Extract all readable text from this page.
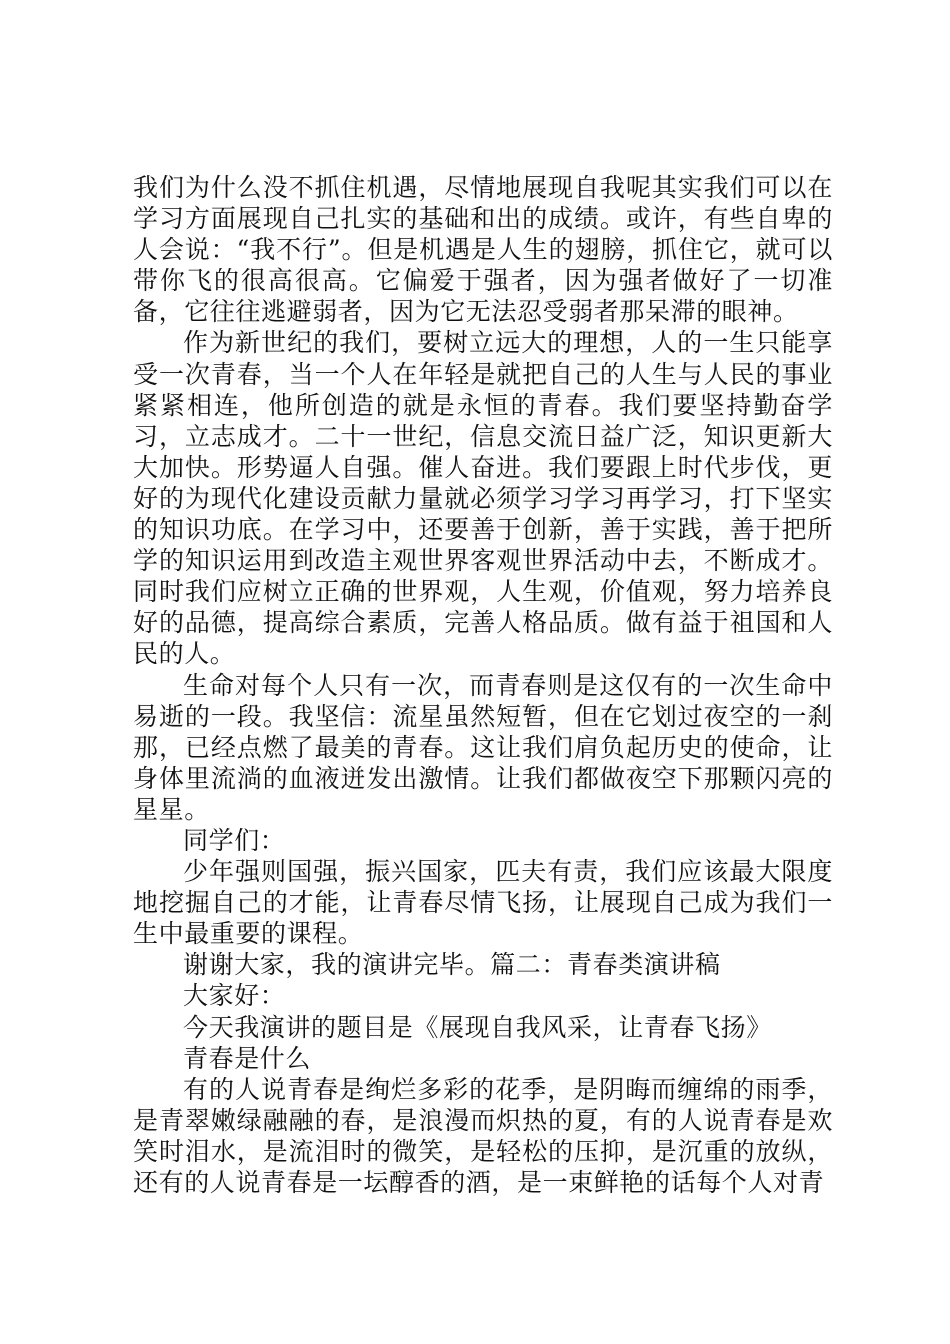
我们为什么没不抓住机遇，尽情地展现自我呢其实我们可以在学习方面展现自己扎实的基础和出的成绩。或许，有些自卑的人会说：“我不行”。但是机遇是人生的翅膀，抓住它，就可以带你飞的很高很高。它偏爱于强者，因为强者做好了一切准备，它往往逃避弱者，因为它无法忍受弱者那呆滞的眼神。

作为新世纪的我们，要树立远大的理想，人的一生只能享受一次青春，当一个人在年轻是就把自己的人生与人民的事业紧紧相连，他所创造的就是永恒的青春。我们要坚持勤奋学习，立志成才。二十一世纪，信息交流日益广泛，知识更新大大加快。形势逼人自强。催人奋进。我们要跟上时代步伐，更好的为现代化建设贡献力量就必须学习学习再学习，打下坚实的知识功底。在学习中，还要善于创新，善于实践，善于把所学的知识运用到改造主观世界客观世界活动中去，不断成才。同时我们应树立正确的世界观，人生观，价值观，努力培养良好的品德，提高综合素质，完善人格品质。做有益于祖国和人民的人。

生命对每个人只有一次，而青春则是这仅有的一次生命中易逝的一段。我坚信：流星虽然短暂，但在它划过夜空的一刹那，已经点燃了最美的青春。这让我们肩负起历史的使命，让身体里流淌的血液迸发出激情。让我们都做夜空下那颗闪亮的星星。

同学们：

少年强则国强，振兴国家，匹夫有责，我们应该最大限度地挖掘自己的才能，让青春尽情飞扬，让展现自己成为我们一生中最重要的课程。

谢谢大家，我的演讲完毕。篇二：青春类演讲稿

大家好：

今天我演讲的题目是《展现自我风采，让青春飞扬》

青春是什么

有的人说青春是绚烂多彩的花季，是阴晦而缠绵的雨季，是青翠嫩绿融融的春，是浪漫而炽热的夏，有的人说青春是欢笑时泪水，是流泪时的微笑，是轻松的压抑，是沉重的放纵，还有的人说青春是一坛醇香的酒，是一束鲜艳的话每个人对青
